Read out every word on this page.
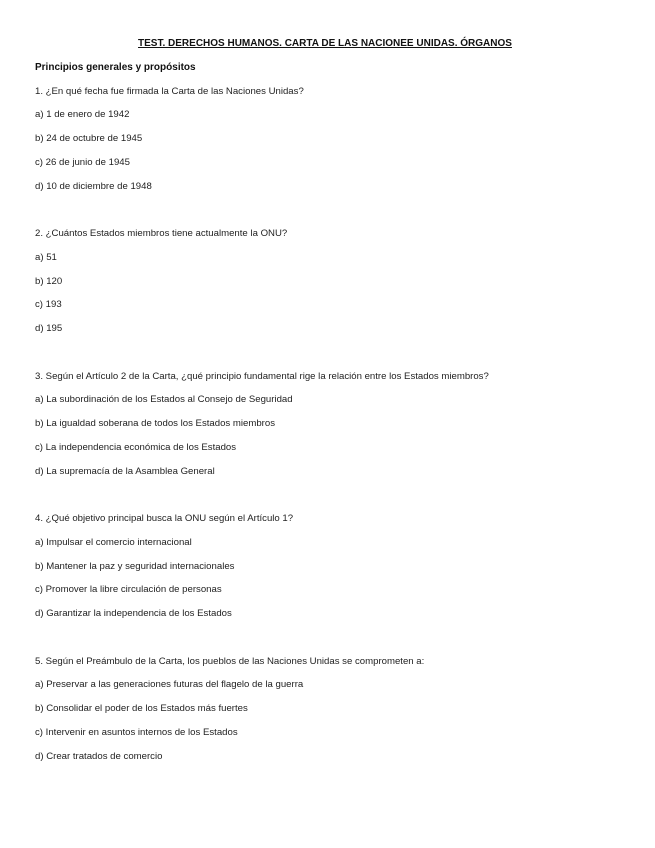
TEST. DERECHOS HUMANOS. CARTA DE LAS NACIONEE UNIDAS. ÓRGANOS
Principios generales y propósitos
1. ¿En qué fecha fue firmada la Carta de las Naciones Unidas?
a) 1 de enero de 1942
b) 24 de octubre de 1945
c) 26 de junio de 1945
d) 10 de diciembre de 1948
2. ¿Cuántos Estados miembros tiene actualmente la ONU?
a) 51
b) 120
c) 193
d) 195
3. Según el Artículo 2 de la Carta, ¿qué principio fundamental rige la relación entre los Estados miembros?
a) La subordinación de los Estados al Consejo de Seguridad
b) La igualdad soberana de todos los Estados miembros
c) La independencia económica de los Estados
d) La supremacía de la Asamblea General
4. ¿Qué objetivo principal busca la ONU según el Artículo 1?
a) Impulsar el comercio internacional
b) Mantener la paz y seguridad internacionales
c) Promover la libre circulación de personas
d) Garantizar la independencia de los Estados
5. Según el Preámbulo de la Carta, los pueblos de las Naciones Unidas se comprometen a:
a) Preservar a las generaciones futuras del flagelo de la guerra
b) Consolidar el poder de los Estados más fuertes
c) Intervenir en asuntos internos de los Estados
d) Crear tratados de comercio
